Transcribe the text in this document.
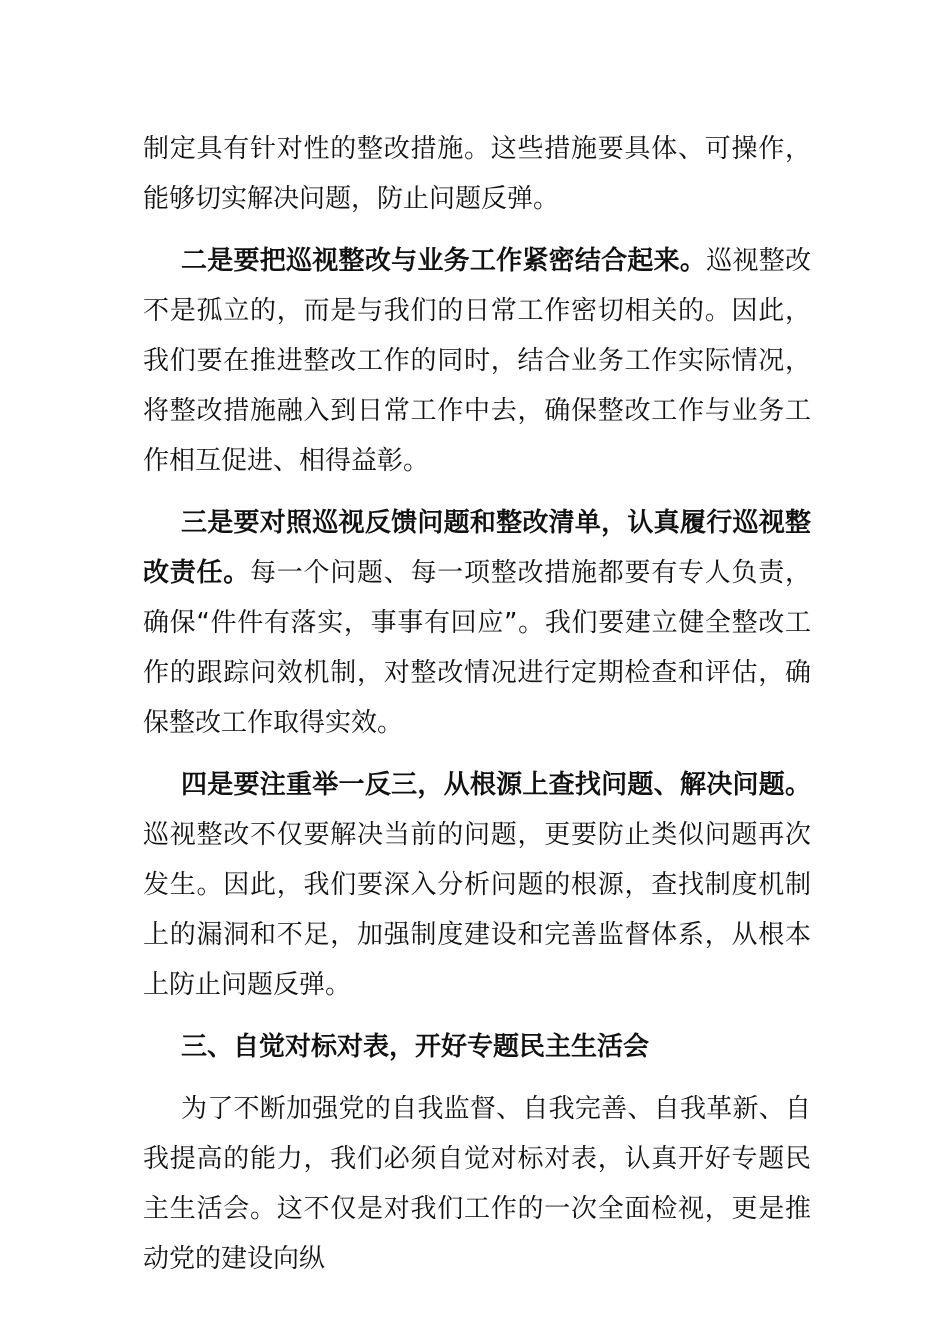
制定具有针对性的整改措施。这些措施要具体、可操作，能够切实解决问题，防止问题反弹。

二是要把巡视整改与业务工作紧密结合起来。巡视整改不是孤立的，而是与我们的日常工作密切相关的。因此，我们要在推进整改工作的同时，结合业务工作实际情况，将整改措施融入到日常工作中去，确保整改工作与业务工作相互促进、相得益彰。

三是要对照巡视反馈问题和整改清单，认真履行巡视整改责任。每一个问题、每一项整改措施都要有专人负责，确保“件件有落实，事事有回应”。我们要建立健全整改工作的跟踪问效机制，对整改情况进行定期检查和评估，确保整改工作取得实效。

四是要注重举一反三，从根源上查找问题、解决问题。巡视整改不仅要解决当前的问题，更要防止类似问题再次发生。因此，我们要深入分析问题的根源，查找制度机制上的漏洞和不足，加强制度建设和完善监督体系，从根本上防止问题反弹。

三、自觉对标对表，开好专题民主生活会

为了不断加强党的自我监督、自我完善、自我革新、自我提高的能力，我们必须自觉对标对表，认真开好专题民主生活会。这不仅是对我们工作的一次全面检视，更是推动党的建设向纵
